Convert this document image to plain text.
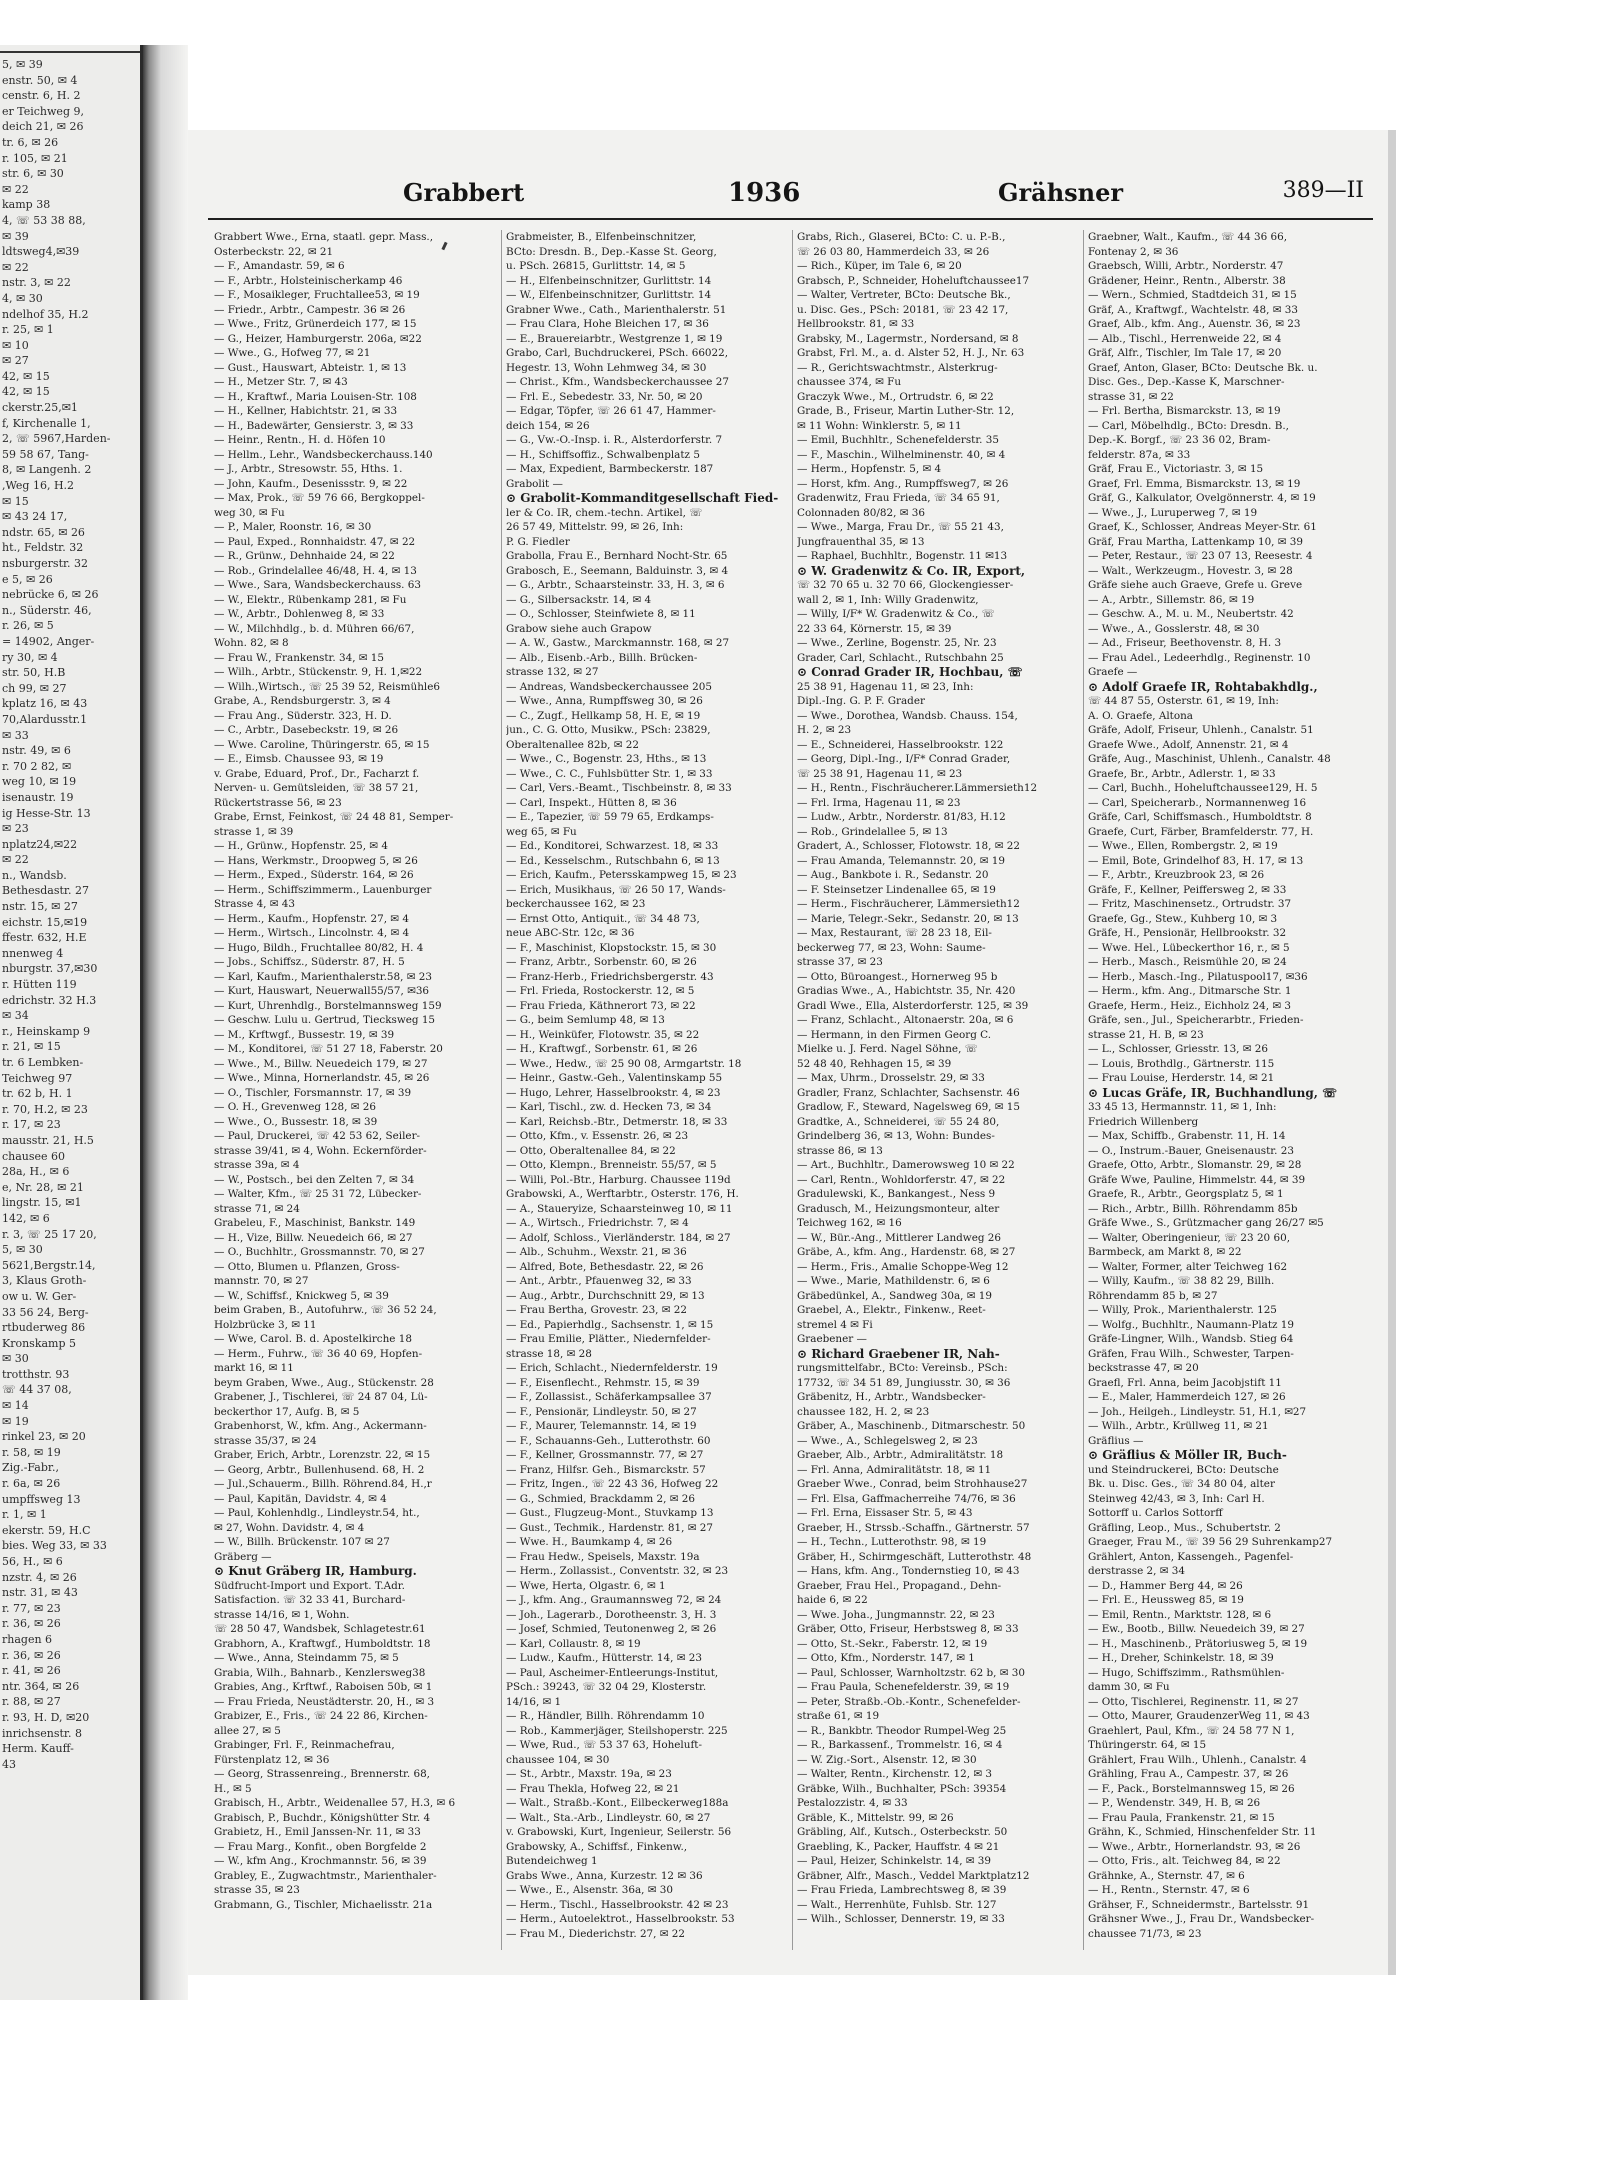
5, ✉ 39
enstr. 50, ✉ 4
censtr. 6, H. 2
er Teichweg 9,
deich 21, ✉ 26
tr. 6, ✉ 26
r. 105, ✉ 21
str. 6, ✉ 30
✉ 22
kamp 38
4, ☏ 53 38 88,
✉ 39
ldtsweg4,✉39
✉ 22
nstr. 3, ✉ 22
4, ✉ 30
ndelhof 35, H.2
r. 25, ✉ 1
✉ 10
✉ 27
42, ✉ 15
42, ✉ 15
ckerstr.25,✉1
f, Kirchenalle 1,
2, ☏ 5967,Harden-
59 58 67, Tang-
8, ✉ Langenh. 2
,Weg 16, H.2
✉ 15
✉ 43 24 17,
ndstr. 65, ✉ 26
ht., Feldstr. 32
nsburgerstr. 32
e 5, ✉ 26
nebrücke 6, ✉ 26
n., Süderstr. 46,
r. 26, ✉ 5
= 14902, Anger-
ry 30, ✉ 4
str. 50, H.B
ch 99, ✉ 27
kplatz 16, ✉ 43
70,Alardusstr.1
✉ 33
nstr. 49, ✉ 6
r. 70 2 82, ✉
weg 10, ✉ 19
isenaustr. 19
ig Hesse-Str. 13
✉ 23
nplatz24,✉22
✉ 22
n., Wandsb.
Bethesdastr. 27
nstr. 15, ✉ 27
eichstr. 15,✉19
ffestr. 632, H.E
nnenweg 4
nburgstr. 37,✉30
r. Hütten 119
edrichstr. 32 H.3
✉ 34
r., Heinskamp 9
r. 21, ✉ 15
tr. 6 Lembken-
Teichweg 97
tr. 62 b, H. 1
r. 70, H.2, ✉ 23
r. 17, ✉ 23
mausstr. 21, H.5
chausee 60
28a, H., ✉ 6
e, Nr. 28, ✉ 21
lingstr. 15, ✉1
142, ✉ 6
r. 3, ☏ 25 17 20,
5, ✉ 30
5621,Bergstr.14,
3, Klaus Groth-
ow u. W. Ger-
33 56 24, Berg-
rtbuderweg 86
Kronskamp 5
✉ 30
trotthstr. 93
☏ 44 37 08,
✉ 14
✉ 19
rinkel 23, ✉ 20
r. 58, ✉ 19
Zig.-Fabr.,
r. 6a, ✉ 26
umpffsweg 13
r. 1, ✉ 1
ekerstr. 59, H.C
bies. Weg 33, ✉ 33
56, H., ✉ 6
nzstr. 4, ✉ 26
nstr. 31, ✉ 43
r. 77, ✉ 23
r. 36, ✉ 26
rhagen 6
r. 36, ✉ 26
r. 41, ✉ 26
ntr. 364, ✉ 26
r. 88, ✉ 27
r. 93, H. D, ✉20
inrichsenstr. 8
Herm. Kauff-
43
Grabbert	1936	Grähsner	389—II
Grabbert Wwe., Erna, staatl. gepr. Mass.,
Osterbeckstr. 22, ✉ 21
— F., Amandastr. 59, ✉ 6
— F., Arbtr., Holsteinischerkamp 46
— F., Mosaikleger, Fruchtallee53, ✉ 19
— Friedr., Arbtr., Campestr. 36 ✉ 26
— Wwe., Fritz, Grünerdeich 177, ✉ 15
— G., Heizer, Hamburgerstr. 206a, ✉22
— Wwe., G., Hofweg 77, ✉ 21
— Gust., Hauswart, Abteistr. 1, ✉ 13
— H., Metzer Str. 7, ✉ 43
— H., Kraftwf., Maria Louisen-Str. 108
— H., Kellner, Habichtstr. 21, ✉ 33
— H., Badewärter, Gensierstr. 3, ✉ 33
— Heinr., Rentn., H. d. Höfen 10
— Hellm., Lehr., Wandsbeckerchauss.140
— J., Arbtr., Stresowstr. 55, Hths. 1.
— John, Kaufm., Desenissstr. 9, ✉ 22
— Max, Prok., ☏ 59 76 66, Bergkoppel-
weg 30, ✉ Fu
— P., Maler, Roonstr. 16, ✉ 30
— Paul, Exped., Ronnhaidstr. 47, ✉ 22
— R., Grünw., Dehnhaide 24, ✉ 22
— Rob., Grindelallee 46/48, H. 4, ✉ 13
— Wwe., Sara, Wandsbeckerchauss. 63
— W., Elektr., Rübenkamp 281, ✉ Fu
— W., Arbtr., Dohlenweg 8, ✉ 33
— W., Milchhdlg., b. d. Mühren 66/67,
Wohn. 82, ✉ 8
— Frau W., Frankenstr. 34, ✉ 15
— Wilh., Arbtr., Stückenstr. 9, H. 1,✉22
— Wilh.,Wirtsch., ☏ 25 39 52, Reismühle6
Grabe, A., Rendsburgerstr. 3, ✉ 4
— Frau Ang., Süderstr. 323, H. D.
— C., Arbtr., Dasebeckstr. 19, ✉ 26
— Wwe. Caroline, Thüringerstr. 65, ✉ 15
— E., Eimsb. Chaussee 93, ✉ 19
v. Grabe, Eduard, Prof., Dr., Facharzt f.
Nerven- u. Gemütsleiden, ☏ 38 57 21,
Rückertstrasse 56, ✉ 23
Grabe, Ernst, Feinkost, ☏ 24 48 81, Semper-
strasse 1, ✉ 39
— H., Grünw., Hopfenstr. 25, ✉ 4
— Hans, Werkmstr., Droopweg 5, ✉ 26
— Herm., Exped., Süderstr. 164, ✉ 26
— Herm., Schiffszimmerm., Lauenburger
Strasse 4, ✉ 43
— Herm., Kaufm., Hopfenstr. 27, ✉ 4
— Herm., Wirtsch., Lincolnstr. 4, ✉ 4
— Hugo, Bildh., Fruchtallee 80/82, H. 4
— Jobs., Schiffsz., Süderstr. 87, H. 5
— Karl, Kaufm., Marienthalerstr.58, ✉ 23
— Kurt, Hauswart, Neuerwall55/57, ✉36
— Kurt, Uhrenhdlg., Borstelmannsweg 159
— Geschw. Lulu u. Gertrud, Tiecksweg 15
— M., Krftwgf., Bussestr. 19, ✉ 39
— M., Konditorei, ☏ 51 27 18, Faberstr. 20
— Wwe., M., Billw. Neuedeich 179, ✉ 27
— Wwe., Minna, Hornerlandstr. 45, ✉ 26
— O., Tischler, Forsmannstr. 17, ✉ 39
— O. H., Grevenweg 128, ✉ 26
— Wwe., O., Bussestr. 18, ✉ 39
— Paul, Druckerei, ☏ 42 53 62, Seiler-
strasse 39/41, ✉ 4, Wohn. Eckernförder-
strasse 39a, ✉ 4
— W., Postsch., bei den Zelten 7, ✉ 34
— Walter, Kfm., ☏ 25 31 72, Lübecker-
strasse 71, ✉ 24
Grabeleu, F., Maschinist, Bankstr. 149
— H., Vize, Billw. Neuedeich 66, ✉ 27
— O., Buchhltr., Grossmannstr. 70, ✉ 27
— Otto, Blumen u. Pflanzen, Gross-
mannstr. 70, ✉ 27
— W., Schiffsf., Knickweg 5, ✉ 39
beim Graben, B., Autofuhrw., ☏ 36 52 24,
Holzbrücke 3, ✉ 11
— Wwe, Carol. B. d. Apostelkirche 18
— Herm., Fuhrw., ☏ 36 40 69, Hopfen-
markt 16, ✉ 11
beym Graben, Wwe., Aug., Stückenstr. 28
Grabener, J., Tischlerei, ☏ 24 87 04, Lü-
beckerthor 17, Aufg. B, ✉ 5
Grabenhorst, W., kfm. Ang., Ackermann-
strasse 35/37, ✉ 24
Graber, Erich, Arbtr., Lorenzstr. 22, ✉ 15
— Georg, Arbtr., Bullenhusend. 68, H. 2
— Jul.,Schauerm., Billh. Röhrend.84, H.,r
— Paul, Kapitän, Davidstr. 4, ✉ 4
— Paul, Kohlenhdlg., Lindleystr.54, ht.,
✉ 27, Wohn. Davidstr. 4, ✉ 4
— W., Billh. Brückenstr. 107 ✉ 27
Gräberg —
⊙ Knut Gräberg IR, Hamburg.
Südfrucht-Import und Export. T.Adr.
Satisfaction. ☏ 32 33 41, Burchard-
strasse 14/16, ✉ 1, Wohn.
☏ 28 50 47, Wandsbek, Schlagetestr.61
Grabhorn, A., Kraftwgf., Humboldtstr. 18
— Wwe., Anna, Steindamm 75, ✉ 5
Grabia, Wilh., Bahnarb., Kenzlersweg38
Grabies, Ang., Krftwf., Raboisen 50b, ✉ 1
— Frau Frieda, Neustädterstr. 20, H., ✉ 3
Grabizer, E., Fris., ☏ 24 22 86, Kirchen-
allee 27, ✉ 5
Grabinger, Frl. F., Reinmachefrau,
Fürstenplatz 12, ✉ 36
— Georg, Strassenreing., Brennerstr. 68,
H., ✉ 5
Grabisch, H., Arbtr., Weidenallee 57, H.3, ✉ 6
Grabisch, P., Buchdr., Königshütter Str. 4
Grabietz, H., Emil Janssen-Nr. 11, ✉ 33
— Frau Marg., Konfit., oben Borgfelde 2
— W., kfm Ang., Krochmannstr. 56, ✉ 39
Grabley, E., Zugwachtmstr., Marienthaler-
strasse 35, ✉ 23
Grabmann, G., Tischler, Michaelisstr. 21a
Grabmeister, B., Elfenbeinschnitzer,
BCto: Dresdn. B., Dep.-Kasse St. Georg,
u. PSch. 26815, Gurlittstr. 14, ✉ 5
— H., Elfenbeinschnitzer, Gurlittstr. 14
— W., Elfenbeinschnitzer, Gurlittstr. 14
Grabner Wwe., Cath., Marienthalerstr. 51
— Frau Clara, Hohe Bleichen 17, ✉ 36
— E., Brauereiarbtr., Westgrenze 1, ✉ 19
Grabo, Carl, Buchdruckerei, PSch. 66022,
Hegestr. 13, Wohn Lehmweg 34, ✉ 30
— Christ., Kfm., Wandsbeckerchaussee 27
— Frl. E., Sebedestr. 33, Nr. 50, ✉ 20
— Edgar, Töpfer, ☏ 26 61 47, Hammer-
deich 154, ✉ 26
— G., Vw.-O.-Insp. i. R., Alsterdorferstr. 7
— H., Schiffsoffiz., Schwalbenplatz 5
— Max, Expedient, Barmbeckerstr. 187
Grabolit —
⊙ Grabolit-Kommanditgesellschaft Fied-
ler & Co. IR, chem.-techn. Artikel, ☏
26 57 49, Mittelstr. 99, ✉ 26, Inh:
P. G. Fiedler
Grabolla, Frau E., Bernhard Nocht-Str. 65
Grabosch, E., Seemann, Balduinstr. 3, ✉ 4
— G., Arbtr., Schaarsteinstr. 33, H. 3, ✉ 6
— G., Silbersackstr. 14, ✉ 4
— O., Schlosser, Steinfwiete 8, ✉ 11
Grabow siehe auch Grapow
— A. W., Gastw., Marckmannstr. 168, ✉ 27
— Alb., Eisenb.-Arb., Billh. Brücken-
strasse 132, ✉ 27
— Andreas, Wandsbeckerchaussee 205
— Wwe., Anna, Rumpffsweg 30, ✉ 26
— C., Zugf., Hellkamp 58, H. E, ✉ 19
jun., C. G. Otto, Musikw., PSch: 23829,
Oberaltenallee 82b, ✉ 22
— Wwe., C., Bogenstr. 23, Hths., ✉ 13
— Wwe., C. C., Fuhlsbütter Str. 1, ✉ 33
— Carl, Vers.-Beamt., Tischbeinstr. 8, ✉ 33
— Carl, Inspekt., Hütten 8, ✉ 36
— E., Tapezier, ☏ 59 79 65, Erdkamps-
weg 65, ✉ Fu
— Ed., Konditorei, Schwarzest. 18, ✉ 33
— Ed., Kesselschm., Rutschbahn 6, ✉ 13
— Erich, Kaufm., Petersskampweg 15, ✉ 23
— Erich, Musikhaus, ☏ 26 50 17, Wands-
beckerchaussee 162, ✉ 23
— Ernst Otto, Antiquit., ☏ 34 48 73,
neue ABC-Str. 12c, ✉ 36
— F., Maschinist, Klopstockstr. 15, ✉ 30
— Franz, Arbtr., Sorbenstr. 60, ✉ 26
— Franz-Herb., Friedrichsbergerstr. 43
— Frl. Frieda, Rostockerstr. 12, ✉ 5
— Frau Frieda, Käthnerort 73, ✉ 22
— G., beim Semlump 48, ✉ 13
— H., Weinküfer, Flotowstr. 35, ✉ 22
— H., Kraftwgf., Sorbenstr. 61, ✉ 26
— Wwe., Hedw., ☏ 25 90 08, Armgartstr. 18
— Heinr., Gastw.-Geh., Valentinskamp 55
— Hugo, Lehrer, Hasselbrookstr. 4, ✉ 23
— Karl, Tischl., zw. d. Hecken 73, ✉ 34
— Karl, Reichsb.-Btr., Detmerstr. 18, ✉ 33
— Otto, Kfm., v. Essenstr. 26, ✉ 23
— Otto, Oberaltenallee 84, ✉ 22
— Otto, Klempn., Brenneistr. 55/57, ✉ 5
— Willi, Pol.-Btr., Harburg. Chaussee 119d
Grabowski, A., Werftarbtr., Osterstr. 176, H.
— A., Staueryize, Schaarsteinweg 10, ✉ 11
— A., Wirtsch., Friedrichstr. 7, ✉ 4
— Adolf, Schloss., Vierländerstr. 184, ✉ 27
— Alb., Schuhm., Wexstr. 21, ✉ 36
— Alfred, Bote, Bethesdastr. 22, ✉ 26
— Ant., Arbtr., Pfauenweg 32, ✉ 33
— Aug., Arbtr., Durchschnitt 29, ✉ 13
— Frau Bertha, Grovestr. 23, ✉ 22
— Ed., Papierhdlg., Sachsenstr. 1, ✉ 15
— Frau Emilie, Plätter., Niedernfelder-
strasse 18, ✉ 28
— Erich, Schlacht., Niedernfelderstr. 19
— F., Eisenflecht., Rehmstr. 15, ✉ 39
— F., Zollassist., Schäferkampsallee 37
— F., Pensionär, Lindleystr. 50, ✉ 27
— F., Maurer, Telemannstr. 14, ✉ 19
— F., Schauanns-Geh., Lutterothstr. 60
— F., Kellner, Grossmannstr. 77, ✉ 27
— Franz, Hilfsr. Geh., Bismarckstr. 57
— Fritz, Ingen., ☏ 22 43 36, Hofweg 22
— G., Schmied, Brackdamm 2, ✉ 26
— Gust., Flugzeug-Mont., Stuvkamp 13
— Gust., Techmik., Hardenstr. 81, ✉ 27
— Wwe. H., Baumkamp 4, ✉ 26
— Frau Hedw., Speisels, Maxstr. 19a
— Herm., Zollassist., Conventstr. 32, ✉ 23
— Wwe, Herta, Olgastr. 6, ✉ 1
— J., kfm. Ang., Graumannsweg 72, ✉ 24
— Joh., Lagerarb., Dorotheenstr. 3, H. 3
— Josef, Schmied, Teutonenweg 2, ✉ 26
— Karl, Collaustr. 8, ✉ 19
— Ludw., Kaufm., Hütterstr. 14, ✉ 23
— Paul, Ascheimer-Entleerungs-Institut,
PSch.: 39243, ☏ 32 04 29, Klosterstr.
14/16, ✉ 1
— R., Händler, Billh. Röhrendamm 10
— Rob., Kammerjäger, Steilshoperstr. 225
— Wwe, Rud., ☏ 53 37 63, Hoheluft-
chaussee 104, ✉ 30
— St., Arbtr., Maxstr. 19a, ✉ 23
— Frau Thekla, Hofweg 22, ✉ 21
— Walt., Straßb.-Kont., Eilbeckerweg188a
— Walt., Sta.-Arb., Lindleystr. 60, ✉ 27
v. Grabowski, Kurt, Ingenieur, Seilerstr. 56
Grabowsky, A., Schiffsf., Finkenw.,
Butendeichweg 1
Grabs Wwe., Anna, Kurzestr. 12 ✉ 36
— Wwe., E., Alsenstr. 36a, ✉ 30
— Herm., Tischl., Hasselbrookstr. 42 ✉ 23
— Herm., Autoelektrot., Hasselbrookstr. 53
— Frau M., Diederichstr. 27, ✉ 22
Grabs, Rich., Glaserei, BCto: C. u. P.-B.,
☏ 26 03 80, Hammerdeich 33, ✉ 26
— Rich., Küper, im Tale 6, ✉ 20
Grabsch, P., Schneider, Hoheluftchaussee17
— Walter, Vertreter, BCto: Deutsche Bk.,
u. Disc. Ges., PSch: 20181, ☏ 23 42 17,
Hellbrookstr. 81, ✉ 33
Grabsky, M., Lagermstr., Nordersand, ✉ 8
Grabst, Frl. M., a. d. Alster 52, H. J., Nr. 63
— R., Gerichtswachtmstr., Alsterkrug-
chaussee 374, ✉ Fu
Graczyk Wwe., M., Ortrudstr. 6, ✉ 22
Grade, B., Friseur, Martin Luther-Str. 12,
✉ 11 Wohn: Winklerstr. 5, ✉ 11
— Emil, Buchhltr., Schenefelderstr. 35
— F., Maschin., Wilhelminenstr. 40, ✉ 4
— Herm., Hopfenstr. 5, ✉ 4
— Horst, kfm. Ang., Rumpffsweg7, ✉ 26
Gradenwitz, Frau Frieda, ☏ 34 65 91,
Colonnaden 80/82, ✉ 36
— Wwe., Marga, Frau Dr., ☏ 55 21 43,
Jungfrauenthal 35, ✉ 13
— Raphael, Buchhltr., Bogenstr. 11 ✉13
⊙ W. Gradenwitz & Co. IR, Export,
☏ 32 70 65 u. 32 70 66, Glockengiesser-
wall 2, ✉ 1, Inh: Willy Gradenwitz,
— Willy, I/F* W. Gradenwitz & Co., ☏
22 33 64, Körnerstr. 15, ✉ 39
— Wwe., Zerline, Bogenstr. 25, Nr. 23
Grader, Carl, Schlacht., Rutschbahn 25
⊙ Conrad Grader IR, Hochbau, ☏
25 38 91, Hagenau 11, ✉ 23, Inh:
Dipl.-Ing. G. P. F. Grader
— Wwe., Dorothea, Wandsb. Chauss. 154,
H. 2, ✉ 23
— E., Schneiderei, Hasselbrookstr. 122
— Georg, Dipl.-Ing., I/F* Conrad Grader,
☏ 25 38 91, Hagenau 11, ✉ 23
— H., Rentn., Fischräucherer.Lämmersieth12
— Frl. Irma, Hagenau 11, ✉ 23
— Ludw., Arbtr., Norderstr. 81/83, H.12
— Rob., Grindelallee 5, ✉ 13
Gradert, A., Schlosser, Flotowstr. 18, ✉ 22
— Frau Amanda, Telemannstr. 20, ✉ 19
— Aug., Bankbote i. R., Sedanstr. 20
— F. Steinsetzer Lindenallee 65, ✉ 19
— Herm., Fischräucherer, Lämmersieth12
— Marie, Telegr.-Sekr., Sedanstr. 20, ✉ 13
— Max, Restaurant, ☏ 28 23 18, Eil-
beckerweg 77, ✉ 23, Wohn: Saume-
strasse 37, ✉ 23
— Otto, Büroangest., Hornerweg 95 b
Gradias Wwe., A., Habichtstr. 35, Nr. 420
Gradl Wwe., Ella, Alsterdorferstr. 125, ✉ 39
— Franz, Schlacht., Altonaerstr. 20a, ✉ 6
— Hermann, in den Firmen Georg C.
Mielke u. J. Ferd. Nagel Söhne, ☏
52 48 40, Rehhagen 15, ✉ 39
— Max, Uhrm., Drosselstr. 29, ✉ 33
Gradler, Franz, Schlachter, Sachsenstr. 46
Gradlow, F., Steward, Nagelsweg 69, ✉ 15
Gradtke, A., Schneiderei, ☏ 55 24 80,
Grindelberg 36, ✉ 13, Wohn: Bundes-
strasse 86, ✉ 13
— Art., Buchhltr., Damerowsweg 10 ✉ 22
— Carl, Rentn., Wohldorferstr. 47, ✉ 22
Gradulewski, K., Bankangest., Ness 9
Gradusch, M., Heizungsmonteur, alter
Teichweg 162, ✉ 16
— W., Bür.-Ang., Mittlerer Landweg 26
Gräbe, A., kfm. Ang., Hardenstr. 68, ✉ 27
— Herm., Fris., Amalie Schoppe-Weg 12
— Wwe., Marie, Mathildenstr. 6, ✉ 6
Gräbedünkel, A., Sandweg 30a, ✉ 19
Graebel, A., Elektr., Finkenw., Reet-
stremel 4 ✉ Fi
Graebener —
⊙ Richard Graebener IR, Nah-
rungsmittelfabr., BCto: Vereinsb., PSch:
17732, ☏ 34 51 89, Jungiusstr. 30, ✉ 36
Gräbenitz, H., Arbtr., Wandsbecker-
chaussee 182, H. 2, ✉ 23
Gräber, A., Maschinenb., Ditmarschestr. 50
— Wwe., A., Schlegelsweg 2, ✉ 23
Graeber, Alb., Arbtr., Admiralitätstr. 18
— Frl. Anna, Admiralitätstr. 18, ✉ 11
Graeber Wwe., Conrad, beim Strohhause27
— Frl. Elsa, Gaffmacherreihe 74/76, ✉ 36
— Frl. Erna, Eissaser Str. 5, ✉ 43
Graeber, H., Strssb.-Schaffn., Gärtnerstr. 57
— H., Techn., Lutterothstr. 98, ✉ 19
Gräber, H., Schirmgeschäft, Lutterothstr. 48
— Hans, kfm. Ang., Tondernstieg 10, ✉ 43
Graeber, Frau Hel., Propagand., Dehn-
haide 6, ✉ 22
— Wwe. Joha., Jungmannstr. 22, ✉ 23
Gräber, Otto, Friseur, Herbstsweg 8, ✉ 33
— Otto, St.-Sekr., Faberstr. 12, ✉ 19
— Otto, Kfm., Norderstr. 147, ✉ 1
— Paul, Schlosser, Warnholtzstr. 62 b, ✉ 30
— Frau Paula, Schenefelderstr. 39, ✉ 19
— Peter, Straßb.-Ob.-Kontr., Schenefelder-
straße 61, ✉ 19
— R., Bankbtr. Theodor Rumpel-Weg 25
— R., Barkassenf., Trommelstr. 16, ✉ 4
— W. Zig.-Sort., Alsenstr. 12, ✉ 30
— Walter, Rentn., Kirchenstr. 12, ✉ 3
Gräbke, Wilh., Buchhalter, PSch: 39354
Pestalozzistr. 4, ✉ 33
Gräble, K., Mittelstr. 99, ✉ 26
Gräbling, Alf., Kutsch., Osterbeckstr. 50
Graebling, K., Packer, Hauffstr. 4 ✉ 21
— Paul, Heizer, Schinkelstr. 14, ✉ 39
Gräbner, Alfr., Masch., Veddel Marktplatz12
— Frau Frieda, Lambrechtsweg 8, ✉ 39
— Walt., Herrenhüte, Fuhlsb. Str. 127
— Wilh., Schlosser, Dennerstr. 19, ✉ 33
Graebner, Walt., Kaufm., ☏ 44 36 66,
Fontenay 2, ✉ 36
Graebsch, Willi, Arbtr., Norderstr. 47
Grädener, Heinr., Rentn., Alberstr. 38
— Wern., Schmied, Stadtdeich 31, ✉ 15
Gräf, A., Kraftwgf., Wachtelstr. 48, ✉ 33
Graef, Alb., kfm. Ang., Auenstr. 36, ✉ 23
— Alb., Tischl., Herrenweide 22, ✉ 4
Gräf, Alfr., Tischler, Im Tale 17, ✉ 20
Graef, Anton, Glaser, BCto: Deutsche Bk. u.
Disc. Ges., Dep.-Kasse K, Marschner-
strasse 31, ✉ 22
— Frl. Bertha, Bismarckstr. 13, ✉ 19
— Carl, Möbelhdlg., BCto: Dresdn. B.,
Dep.-K. Borgf., ☏ 23 36 02, Bram-
felderstr. 87a, ✉ 33
Gräf, Frau E., Victoriastr. 3, ✉ 15
Graef, Frl. Emma, Bismarckstr. 13, ✉ 19
Gräf, G., Kalkulator, Ovelgönnerstr. 4, ✉ 19
— Wwe., J., Luruperweg 7, ✉ 19
Graef, K., Schlosser, Andreas Meyer-Str. 61
Gräf, Frau Martha, Lattenkamp 10, ✉ 39
— Peter, Restaur., ☏ 23 07 13, Reesestr. 4
— Walt., Werkzeugm., Hovestr. 3, ✉ 28
Gräfe siehe auch Graeve, Grefe u. Greve
— A., Arbtr., Sillemstr. 86, ✉ 19
— Geschw. A., M. u. M., Neubertstr. 42
— Wwe., A., Gosslerstr. 48, ✉ 30
— Ad., Friseur, Beethovenstr. 8, H. 3
— Frau Adel., Ledeerhdlg., Reginenstr. 10
Graefe —
⊙ Adolf Graefe IR, Rohtabakhdlg.,
☏ 44 87 55, Osterstr. 61, ✉ 19, Inh:
A. O. Graefe, Altona
Gräfe, Adolf, Friseur, Uhlenh., Canalstr. 51
Graefe Wwe., Adolf, Annenstr. 21, ✉ 4
Gräfe, Aug., Maschinist, Uhlenh., Canalstr. 48
Graefe, Br., Arbtr., Adlerstr. 1, ✉ 33
— Carl, Buchh., Hoheluftchaussee129, H. 5
— Carl, Speicherarb., Normannenweg 16
Gräfe, Carl, Schiffsmasch., Humboldtstr. 8
Graefe, Curt, Färber, Bramfelderstr. 77, H.
— Wwe., Ellen, Rombergstr. 2, ✉ 19
— Emil, Bote, Grindelhof 83, H. 17, ✉ 13
— F., Arbtr., Kreuzbrook 23, ✉ 26
Gräfe, F., Kellner, Peiffersweg 2, ✉ 33
— Fritz, Maschinensetz., Ortrudstr. 37
Graefe, Gg., Stew., Kuhberg 10, ✉ 3
Gräfe, H., Pensionär, Hellbrookstr. 32
— Wwe. Hel., Lübeckerthor 16, r., ✉ 5
— Herb., Masch., Reismühle 20, ✉ 24
— Herb., Masch.-Ing., Pilatuspool17, ✉36
— Herm., kfm. Ang., Ditmarsche Str. 1
Graefe, Herm., Heiz., Eichholz 24, ✉ 3
Gräfe, sen., Jul., Speicherarbtr., Frieden-
strasse 21, H. B, ✉ 23
— L., Schlosser, Griesstr. 13, ✉ 26
— Louis, Brothdlg., Gärtnerstr. 115
— Frau Louise, Herderstr. 14, ✉ 21
⊙ Lucas Gräfe, IR, Buchhandlung, ☏
33 45 13, Hermannstr. 11, ✉ 1, Inh:
Friedrich Willenberg
— Max, Schiffb., Grabenstr. 11, H. 14
— O., Instrum.-Bauer, Gneisenaustr. 23
Graefe, Otto, Arbtr., Slomanstr. 29, ✉ 28
Gräfe Wwe, Pauline, Himmelstr. 44, ✉ 39
Graefe, R., Arbtr., Georgsplatz 5, ✉ 1
— Rich., Arbtr., Billh. Röhrendamm 85b
Gräfe Wwe., S., Grützmacher gang 26/27 ✉5
— Walter, Oberingenieur, ☏ 23 20 60,
Barmbeck, am Markt 8, ✉ 22
— Walter, Former, alter Teichweg 162
— Willy, Kaufm., ☏ 38 82 29, Billh.
Röhrendamm 85 b, ✉ 27
— Willy, Prok., Marienthalerstr. 125
— Wolfg., Buchhltr., Naumann-Platz 19
Gräfe-Lingner, Wilh., Wandsb. Stieg 64
Gräfen, Frau Wilh., Schwester, Tarpen-
beckstrasse 47, ✉ 20
Graefl, Frl. Anna, beim Jacobjstift 11
— E., Maler, Hammerdeich 127, ✉ 26
— Joh., Heilgeh., Lindleystr. 51, H.1, ✉27
— Wilh., Arbtr., Krüllweg 11, ✉ 21
Gräflius —
⊙ Gräflius & Möller IR, Buch-
und Steindruckerei, BCto: Deutsche
Bk. u. Disc. Ges., ☏ 34 80 04, alter
Steinweg 42/43, ✉ 3, Inh: Carl H.
Sottorff u. Carlos Sottorff
Gräfling, Leop., Mus., Schubertstr. 2
Graeger, Frau M., ☏ 39 56 29 Suhrenkamp27
Grählert, Anton, Kassengeh., Pagenfel-
derstrasse 2, ✉ 34
— D., Hammer Berg 44, ✉ 26
— Frl. E., Heussweg 85, ✉ 19
— Emil, Rentn., Marktstr. 128, ✉ 6
— Ew., Bootb., Billw. Neuedeich 39, ✉ 27
— H., Maschinenb., Prätoriusweg 5, ✉ 19
— H., Dreher, Schinkelstr. 18, ✉ 39
— Hugo, Schiffszimm., Rathsmühlen-
damm 30, ✉ Fu
— Otto, Tischlerei, Reginenstr. 11, ✉ 27
— Otto, Maurer, GraudenzerWeg 11, ✉ 43
Graehlert, Paul, Kfm., ☏ 24 58 77 N 1,
Thüringerstr. 64, ✉ 15
Grählert, Frau Wilh., Uhlenh., Canalstr. 4
Grähling, Frau A., Campestr. 37, ✉ 26
— F., Pack., Borstelmannsweg 15, ✉ 26
— P., Wendenstr. 349, H. B, ✉ 26
— Frau Paula, Frankenstr. 21, ✉ 15
Grähn, K., Schmied, Hinschenfelder Str. 11
— Wwe., Arbtr., Hornerlandstr. 93, ✉ 26
— Otto, Fris., alt. Teichweg 84, ✉ 22
Grähnke, A., Sternstr. 47, ✉ 6
— H., Rentn., Sternstr. 47, ✉ 6
Grähser, F., Schneidermstr., Bartelsstr. 91
Grähsner Wwe., J., Frau Dr., Wandsbecker-
chaussee 71/73, ✉ 23
